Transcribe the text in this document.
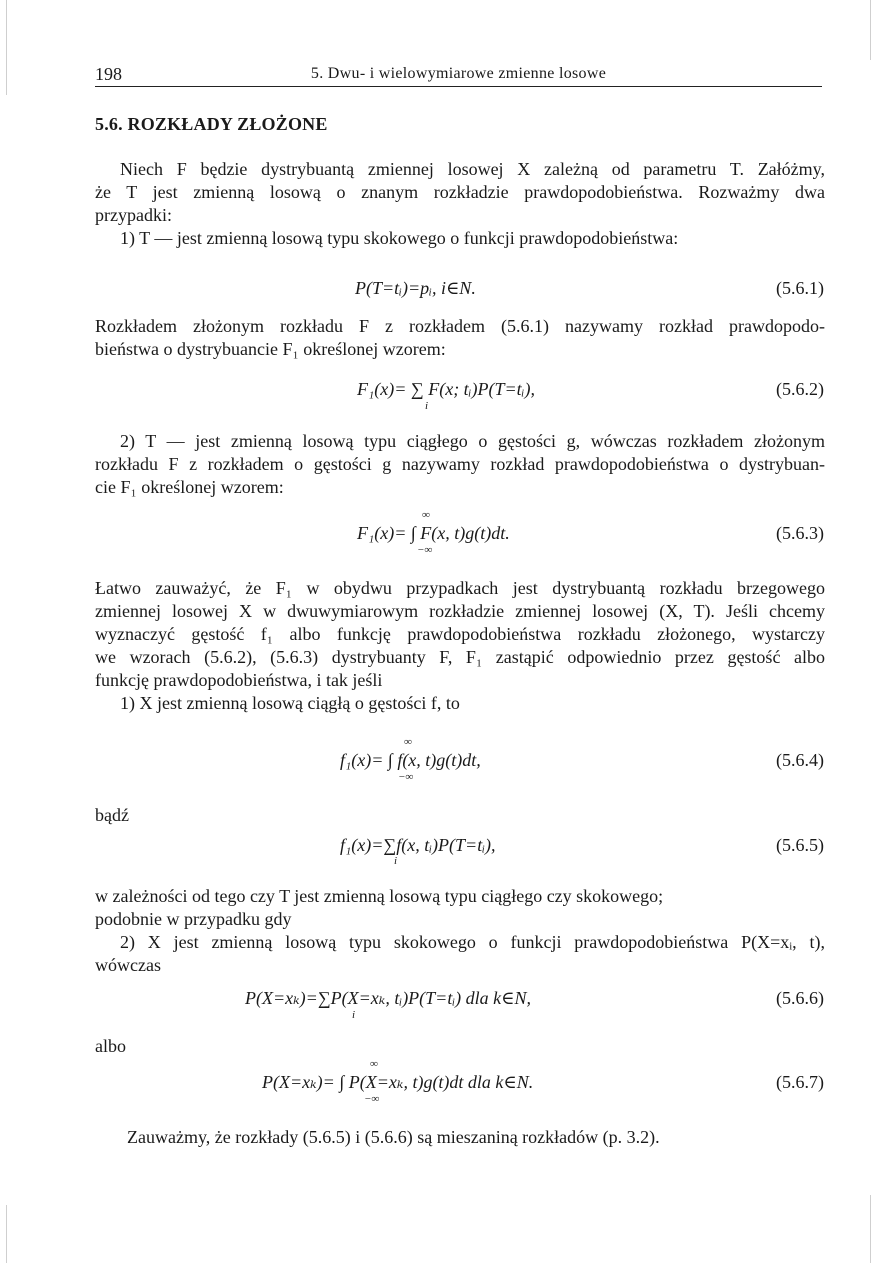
198	5. Dwu- i wielowymiarowe zmienne losowe
5.6. ROZKŁADY ZŁOŻONE
Niech F będzie dystrybuantą zmiennej losowej X zależną od parametru T. Załóżmy,
że T jest zmienną losową o znanym rozkładzie prawdopodobieństwa. Rozważmy dwa
przypadki:
1) T — jest zmienną losową typu skokowego o funkcji prawdopodobieństwa:
P(T=tᵢ)=pᵢ, i∈N.	(5.6.1)
Rozkładem złożonym rozkładu F z rozkładem (5.6.1) nazywamy rozkład prawdopodo-
bieństwa o dystrybuancie F₁ określonej wzorem:
F₁(x)= ∑ F(x; tᵢ)P(T=tᵢ),
i
(5.6.2)
2) T — jest zmienną losową typu ciągłego o gęstości g, wówczas rozkładem złożonym
rozkładu F z rozkładem o gęstości g nazywamy rozkład prawdopodobieństwa o dystrybuan-
cie F₁ określonej wzorem:
∞
F₁(x)= ∫ F(x, t)g(t)dt.
−∞
(5.6.3)
Łatwo zauważyć, że F₁ w obydwu przypadkach jest dystrybuantą rozkładu brzegowego
zmiennej losowej X w dwuwymiarowym rozkładzie zmiennej losowej (X, T). Jeśli chcemy
wyznaczyć gęstość f₁ albo funkcję prawdopodobieństwa rozkładu złożonego, wystarczy
we wzorach (5.6.2), (5.6.3) dystrybuanty F, F₁ zastąpić odpowiednio przez gęstość albo
funkcję prawdopodobieństwa, i tak jeśli
1) X jest zmienną losową ciągłą o gęstości f, to
∞
f₁(x)= ∫ f(x, t)g(t)dt,
−∞
(5.6.4)
bądź
f₁(x)=∑f(x, tᵢ)P(T=tᵢ),
i
(5.6.5)
w zależności od tego czy T jest zmienną losową typu ciągłego czy skokowego;
podobnie w przypadku gdy
2) X jest zmienną losową typu skokowego o funkcji prawdopodobieństwa P(X=xᵢ, t),
wówczas
P(X=xₖ)=∑P(X=xₖ, tᵢ)P(T=tᵢ) dla k∈N,
i
(5.6.6)
albo
∞
P(X=xₖ)= ∫ P(X=xₖ, t)g(t)dt dla k∈N.
−∞
(5.6.7)
Zauważmy, że rozkłady (5.6.5) i (5.6.6) są mieszaniną rozkładów (p. 3.2).
